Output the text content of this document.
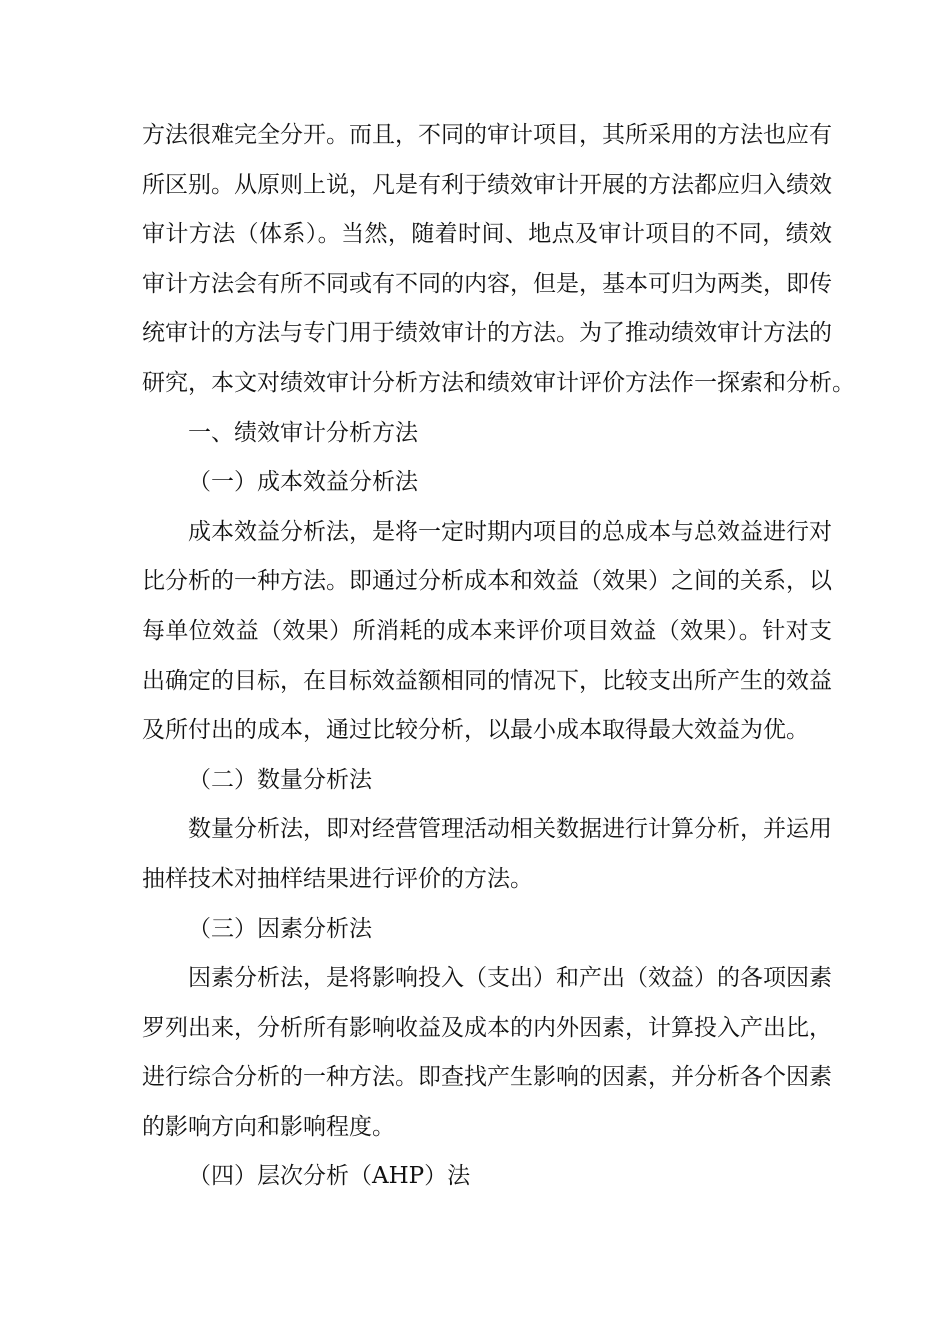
方法很难完全分开。而且，不同的审计项目，其所采用的方法也应有
所区别。从原则上说，凡是有利于绩效审计开展的方法都应归入绩效
审计方法（体系）。当然，随着时间、地点及审计项目的不同，绩效
审计方法会有所不同或有不同的内容，但是，基本可归为两类，即传
统审计的方法与专门用于绩效审计的方法。为了推动绩效审计方法的
研究，本文对绩效审计分析方法和绩效审计评价方法作一探索和分析。
一、绩效审计分析方法
（一）成本效益分析法
成本效益分析法，是将一定时期内项目的总成本与总效益进行对
比分析的一种方法。即通过分析成本和效益（效果）之间的关系，以
每单位效益（效果）所消耗的成本来评价项目效益（效果）。针对支
出确定的目标，在目标效益额相同的情况下，比较支出所产生的效益
及所付出的成本，通过比较分析，以最小成本取得最大效益为优。
（二）数量分析法
数量分析法，即对经营管理活动相关数据进行计算分析，并运用
抽样技术对抽样结果进行评价的方法。
（三）因素分析法
因素分析法，是将影响投入（支出）和产出（效益）的各项因素
罗列出来，分析所有影响收益及成本的内外因素，计算投入产出比，
进行综合分析的一种方法。即查找产生影响的因素，并分析各个因素
的影响方向和影响程度。
（四）层次分析（AHP）法
